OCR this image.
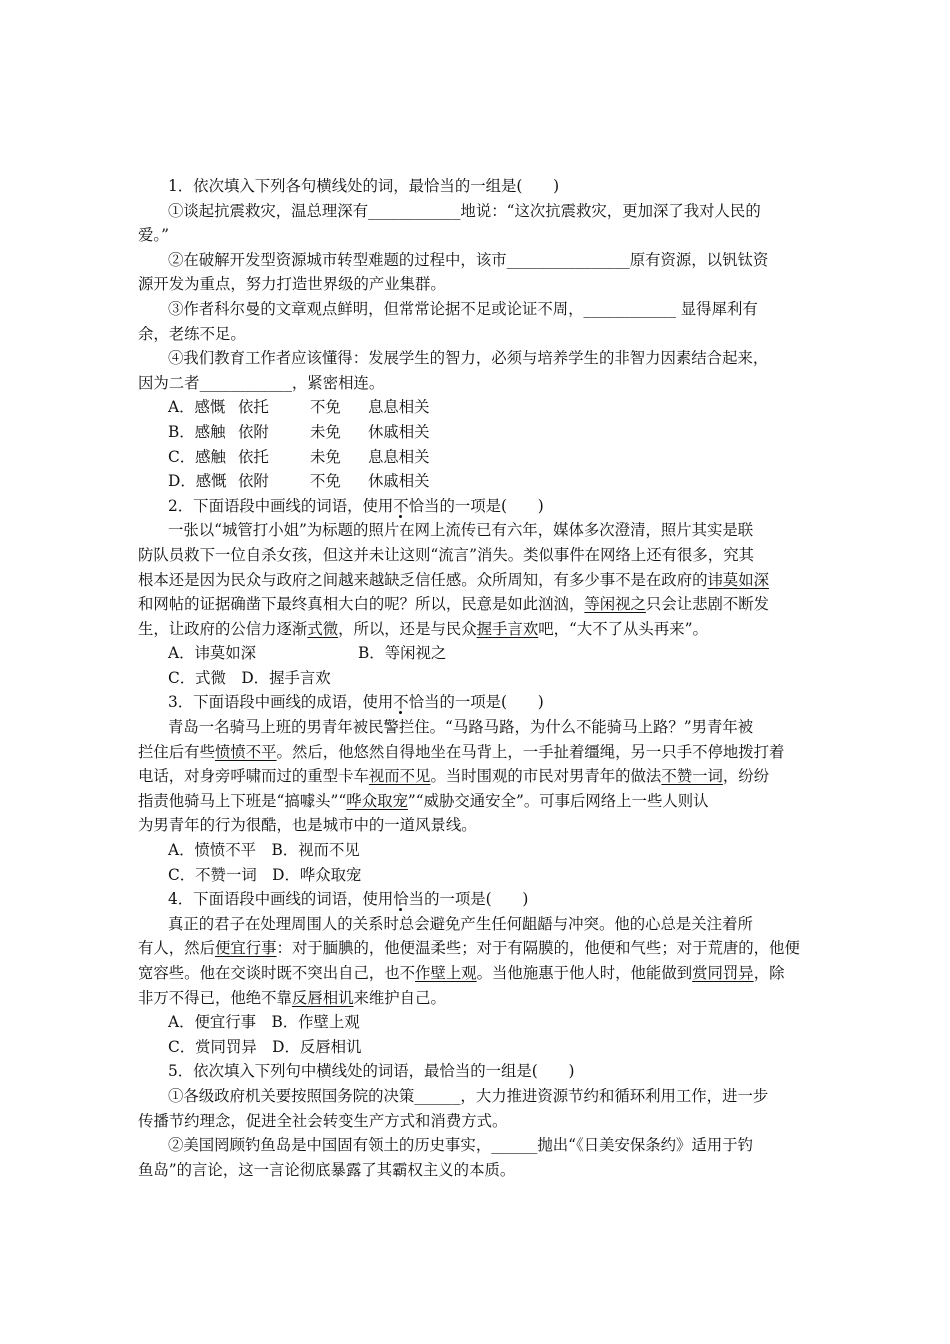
1．依次填入下列各句横线处的词，最恰当的一组是(　　)
①谈起抗震救灾，温总理深有____________地说：“这次抗震救灾，更加深了我对人民的
爱。”
②在破解开发型资源城市转型难题的过程中，该市________________原有资源，以钒钛资
源开发为重点，努力打造世界级的产业集群。
③作者科尔曼的文章观点鲜明，但常常论据不足或论证不周，____________ 显得犀利有
余，老练不足。
④我们教育工作者应该懂得：发展学生的智力，必须与培养学生的非智力因素结合起来，
因为二者____________，紧密相连。
A．感慨 依托	不免 息息相关
B．感触 依附	未免 休戚相关
C．感触 依托	未免 息息相关
D．感慨 依附	不免 休戚相关
2．下面语段中画线的词语，使用不恰当的一项是(　　)
一张以“城管打小姐”为标题的照片在网上流传已有六年，媒体多次澄清，照片其实是联
防队员救下一位自杀女孩，但这并未让这则“流言”消失。类似事件在网络上还有很多，究其
根本还是因为民众与政府之间越来越缺乏信任感。众所周知，有多少事不是在政府的讳莫如深
和网帖的证据确凿下最终真相大白的呢？所以，民意是如此汹汹，等闲视之只会让悲剧不断发
生，让政府的公信力逐渐式微，所以，还是与民众握手言欢吧，“大不了从头再来”。
A．讳莫如深	B．等闲视之
C．式微　D．握手言欢
3．下面语段中画线的成语，使用不恰当的一项是(　　)
青岛一名骑马上班的男青年被民警拦住。“马路马路，为什么不能骑马上路？”男青年被
拦住后有些愤愤不平。然后，他悠然自得地坐在马背上，一手扯着缰绳，另一只手不停地拨打着
电话，对身旁呼啸而过的重型卡车视而不见。当时围观的市民对男青年的做法不赞一词，纷纷
指责他骑马上下班是“搞噱头”“哗众取宠”“威胁交通安全”。可事后网络上一些人则认
为男青年的行为很酷，也是城市中的一道风景线。
A．愤愤不平　B．视而不见
C．不赞一词　D．哗众取宠
4．下面语段中画线的词语，使用恰当的一项是(　　)
真正的君子在处理周围人的关系时总会避免产生任何龃龉与冲突。他的心总是关注着所
有人，然后便宜行事：对于腼腆的，他便温柔些；对于有隔膜的，他便和气些；对于荒唐的，他便
宽容些。他在交谈时既不突出自己，也不作壁上观。当他施惠于他人时，他能做到赏同罚异，除
非万不得已，他绝不靠反唇相讥来维护自己。
A．便宜行事　B．作壁上观
C．赏同罚异　D．反唇相讥
5．依次填入下列句中横线处的词语，最恰当的一组是(　　)
①各级政府机关要按照国务院的决策______，大力推进资源节约和循环利用工作，进一步
传播节约理念，促进全社会转变生产方式和消费方式。
②美国罔顾钓鱼岛是中国固有领土的历史事实，______抛出“《日美安保条约》适用于钓
鱼岛”的言论，这一言论彻底暴露了其霸权主义的本质。
